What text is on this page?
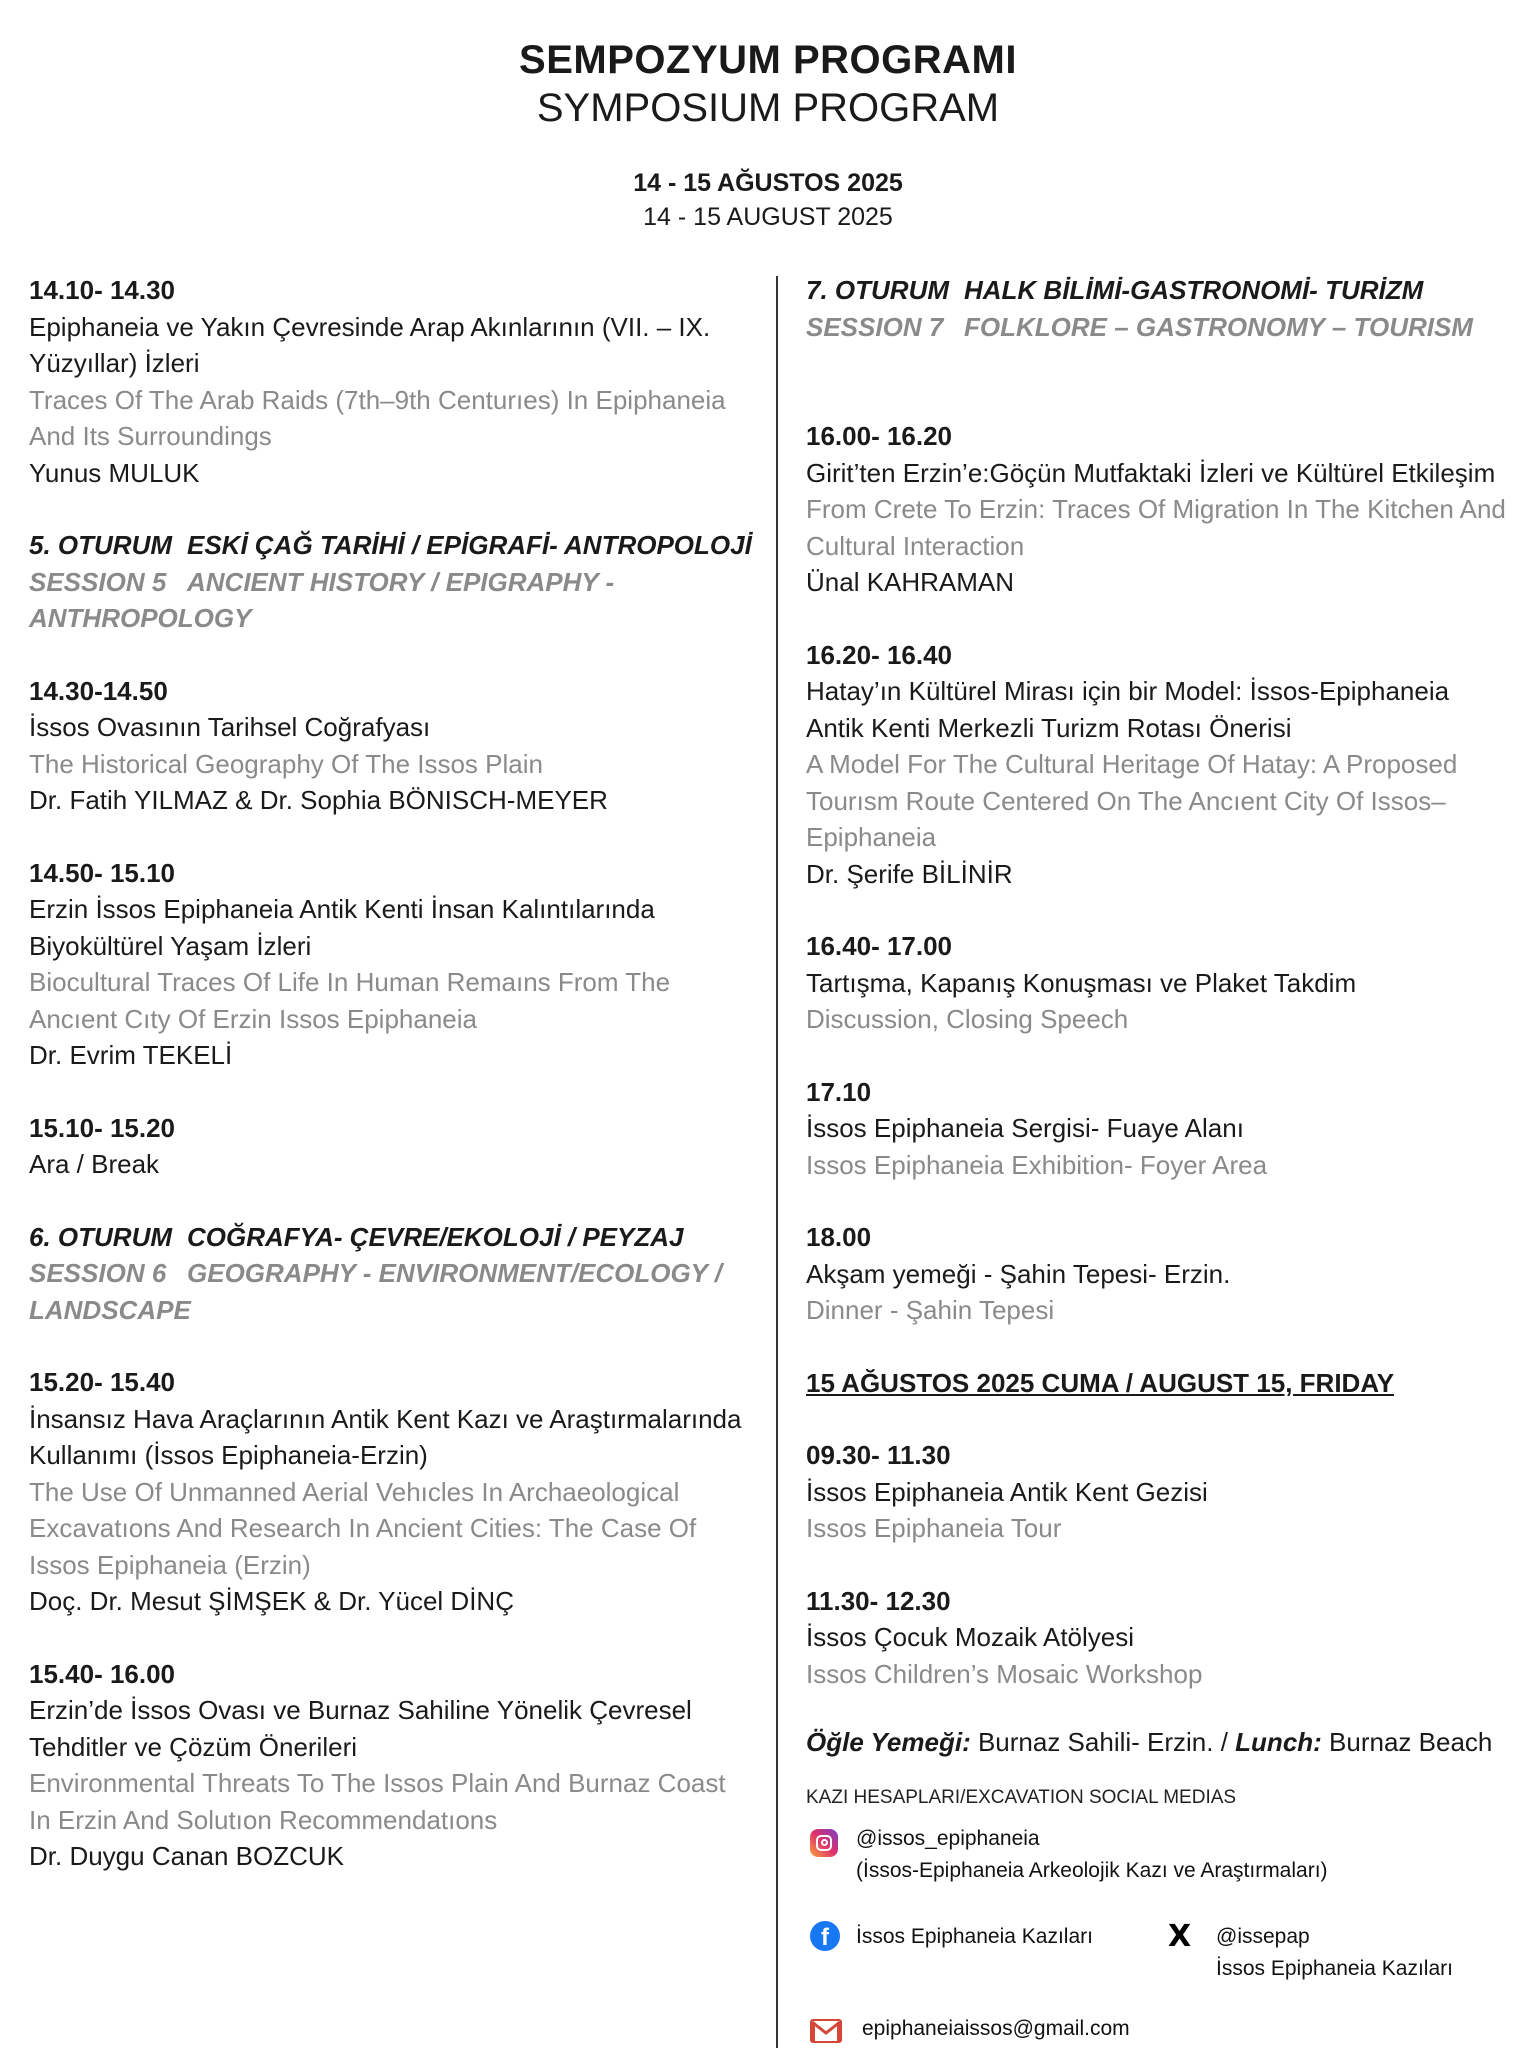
SEMPOZYUM PROGRAMI
SYMPOSIUM PROGRAM
14 - 15 AĞUSTOS 2025
14 - 15 AUGUST 2025
14.10- 14.30
Epiphaneia ve Yakın Çevresinde Arap Akınlarının (VII. – IX.
Yüzyıllar) İzleri
Traces Of The Arab Raids (7th–9th Centurıes) In Epiphaneia
And Its Surroundings
Yunus MULUK
5. OTURUM ESKİ ÇAĞ TARİHİ / EPİGRAFİ- ANTROPOLOJİ
SESSION 5 ANCIENT HISTORY / EPIGRAPHY -
ANTHROPOLOGY
14.30-14.50
İssos Ovasının Tarihsel Coğrafyası
The Historical Geography Of The Issos Plain
Dr. Fatih YILMAZ & Dr. Sophia BÖNISCH-MEYER
14.50- 15.10
Erzin İssos Epiphaneia Antik Kenti İnsan Kalıntılarında
Biyokültürel Yaşam İzleri
Biocultural Traces Of Life In Human Remaıns From The
Ancıent Cıty Of Erzin Issos Epiphaneia
Dr. Evrim TEKELİ
15.10- 15.20
Ara / Break
6. OTURUM COĞRAFYA- ÇEVRE/EKOLOJİ / PEYZAJ
SESSION 6 GEOGRAPHY - ENVIRONMENT/ECOLOGY /
LANDSCAPE
15.20- 15.40
İnsansız Hava Araçlarının Antik Kent Kazı ve Araştırmalarında
Kullanımı (İssos Epiphaneia-Erzin)
The Use Of Unmanned Aerial Vehıcles In Archaeological
Excavatıons And Research In Ancient Cities: The Case Of
Issos Epiphaneia (Erzin)
Doç. Dr. Mesut ŞİMŞEK & Dr. Yücel DİNÇ
15.40- 16.00
Erzin’de İssos Ovası ve Burnaz Sahiline Yönelik Çevresel
Tehditler ve Çözüm Önerileri
Environmental Threats To The Issos Plain And Burnaz Coast
In Erzin And Solutıon Recommendatıons
Dr. Duygu Canan BOZCUK
7. OTURUM HALK BİLİMİ-GASTRONOMİ- TURİZM
SESSION 7 FOLKLORE – GASTRONOMY – TOURISM
16.00- 16.20
Girit’ten Erzin’e:Göçün Mutfaktaki İzleri ve Kültürel Etkileşim
From Crete To Erzin: Traces Of Migration In The Kitchen And
Cultural Interaction
Ünal KAHRAMAN
16.20- 16.40
Hatay’ın Kültürel Mirası için bir Model: İssos-Epiphaneia
Antik Kenti Merkezli Turizm Rotası Önerisi
A Model For The Cultural Heritage Of Hatay: A Proposed
Tourısm Route Centered On The Ancıent City Of Issos–
Epiphaneia
Dr. Şerife BİLİNİR
16.40- 17.00
Tartışma, Kapanış Konuşması ve Plaket Takdim
Discussion, Closing Speech
17.10
İssos Epiphaneia Sergisi- Fuaye Alanı
Issos Epiphaneia Exhibition- Foyer Area
18.00
Akşam yemeği - Şahin Tepesi- Erzin.
Dinner - Şahin Tepesi
15 AĞUSTOS 2025 CUMA / AUGUST 15, FRIDAY
09.30- 11.30
İssos Epiphaneia Antik Kent Gezisi
Issos Epiphaneia Tour
11.30- 12.30
İssos Çocuk Mozaik Atölyesi
Issos Children’s Mosaic Workshop
Öğle Yemeği: Burnaz Sahili- Erzin. / Lunch: Burnaz Beach
KAZI HESAPLARI/EXCAVATION SOCIAL MEDIAS
@issos_epiphaneia
(İssos-Epiphaneia Arkeolojik Kazı ve Araştırmaları)
f	İssos Epiphaneia Kazıları	X @issepap
İssos Epiphaneia Kazıları
epiphaneiaissos@gmail.com
